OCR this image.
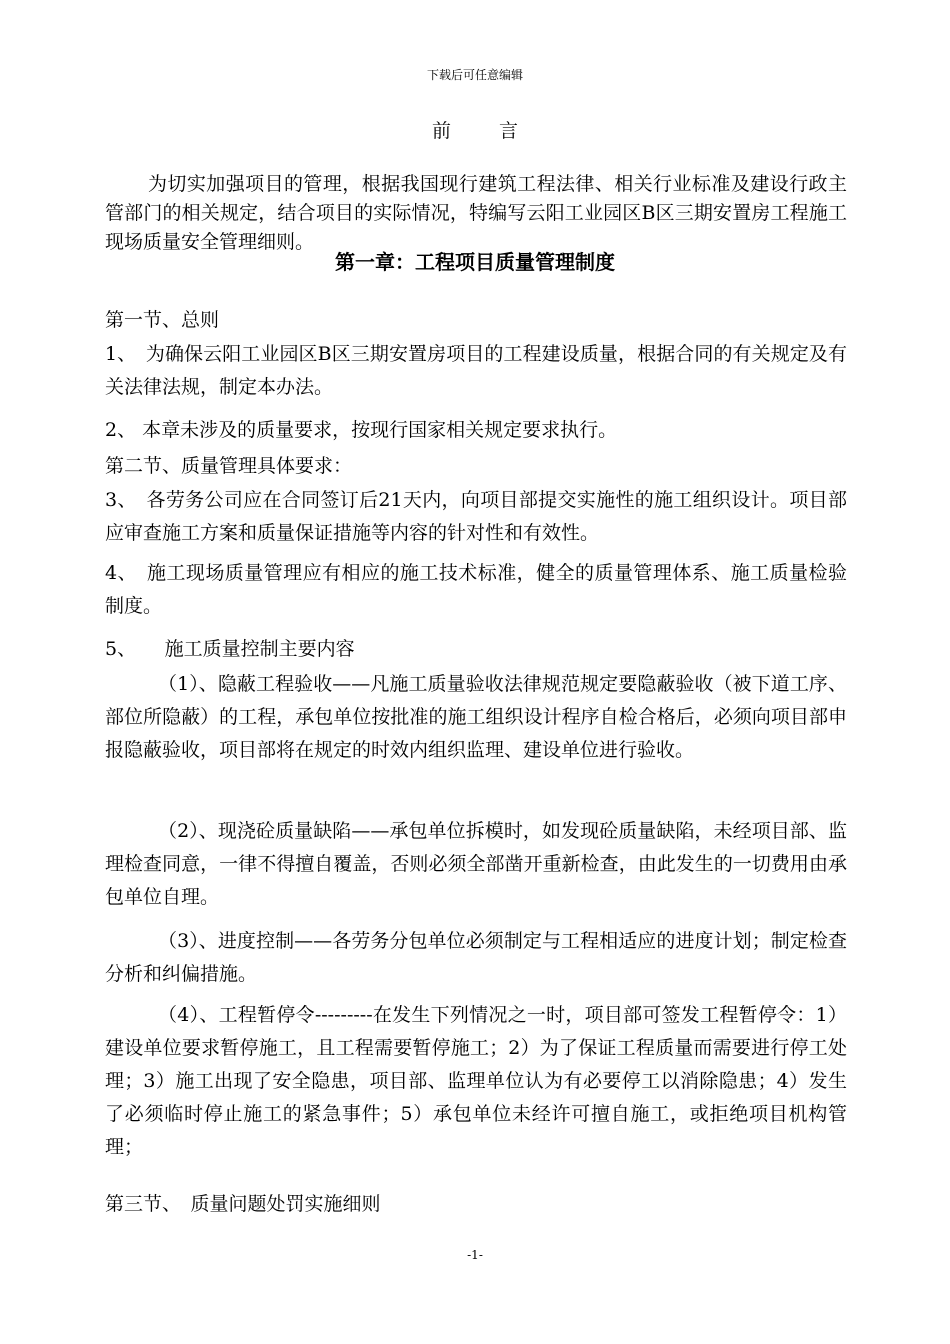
下载后可任意编辑
前言
为切实加强项目的管理，根据我国现行建筑工程法律、相关行业标准及建设行政主管部门的相关规定，结合项目的实际情况，特编写云阳工业园区B区三期安置房工程施工现场质量安全管理细则。
第一章：工程项目质量管理制度
第一节、总则
1、　为确保云阳工业园区B区三期安置房项目的工程建设质量，根据合同的有关规定及有关法律法规，制定本办法。
2、 本章未涉及的质量要求，按现行国家相关规定要求执行。
第二节、质量管理具体要求：
3、　各劳务公司应在合同签订后21天内，向项目部提交实施性的施工组织设计。项目部应审查施工方案和质量保证措施等内容的针对性和有效性。
4、　施工现场质量管理应有相应的施工技术标准，健全的质量管理体系、施工质量检验制度。
5、　　施工质量控制主要内容
（1）、隐蔽工程验收——凡施工质量验收法律规范规定要隐蔽验收（被下道工序、部位所隐蔽）的工程，承包单位按批准的施工组织设计程序自检合格后，必须向项目部申报隐蔽验收，项目部将在规定的时效内组织监理、建设单位进行验收。
（2）、现浇砼质量缺陷——承包单位拆模时，如发现砼质量缺陷，未经项目部、监理检查同意，一律不得擅自覆盖，否则必须全部凿开重新检查，由此发生的一切费用由承包单位自理。
（3）、进度控制——各劳务分包单位必须制定与工程相适应的进度计划；制定检查分析和纠偏措施。
（4）、工程暂停令---------在发生下列情况之一时，项目部可签发工程暂停令：1）建设单位要求暂停施工，且工程需要暂停施工；2）为了保证工程质量而需要进行停工处理；3）施工出现了安全隐患，项目部、监理单位认为有必要停工以消除隐患；4）发生了必须临时停止施工的紧急事件；5）承包单位未经许可擅自施工，或拒绝项目机构管理；
第三节、　质量问题处罚实施细则
-1-
